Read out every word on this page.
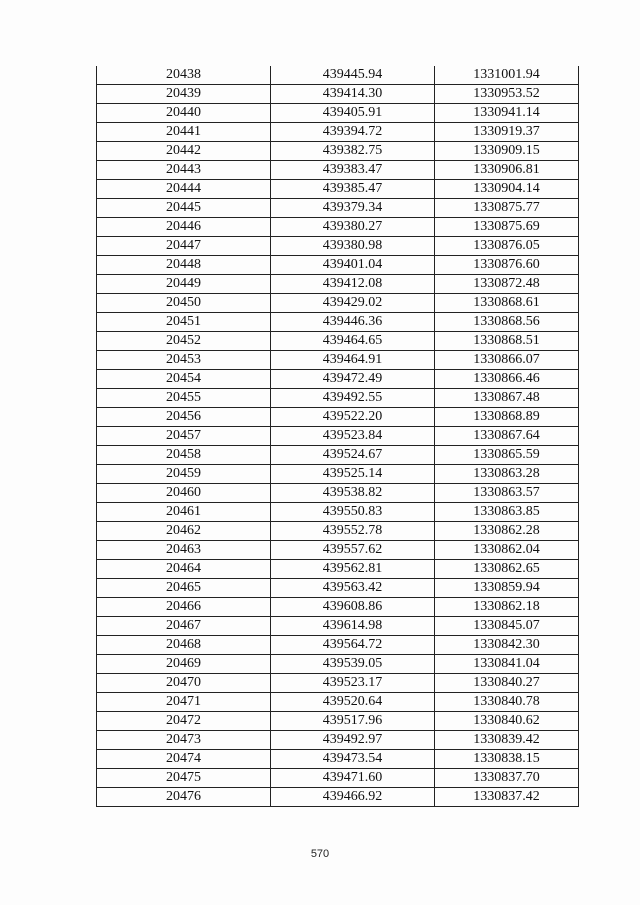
20438	439445.94	1331001.94
20439	439414.30	1330953.52
20440	439405.91	1330941.14
20441	439394.72	1330919.37
20442	439382.75	1330909.15
20443	439383.47	1330906.81
20444	439385.47	1330904.14
20445	439379.34	1330875.77
20446	439380.27	1330875.69
20447	439380.98	1330876.05
20448	439401.04	1330876.60
20449	439412.08	1330872.48
20450	439429.02	1330868.61
20451	439446.36	1330868.56
20452	439464.65	1330868.51
20453	439464.91	1330866.07
20454	439472.49	1330866.46
20455	439492.55	1330867.48
20456	439522.20	1330868.89
20457	439523.84	1330867.64
20458	439524.67	1330865.59
20459	439525.14	1330863.28
20460	439538.82	1330863.57
20461	439550.83	1330863.85
20462	439552.78	1330862.28
20463	439557.62	1330862.04
20464	439562.81	1330862.65
20465	439563.42	1330859.94
20466	439608.86	1330862.18
20467	439614.98	1330845.07
20468	439564.72	1330842.30
20469	439539.05	1330841.04
20470	439523.17	1330840.27
20471	439520.64	1330840.78
20472	439517.96	1330840.62
20473	439492.97	1330839.42
20474	439473.54	1330838.15
20475	439471.60	1330837.70
20476	439466.92	1330837.42
570
